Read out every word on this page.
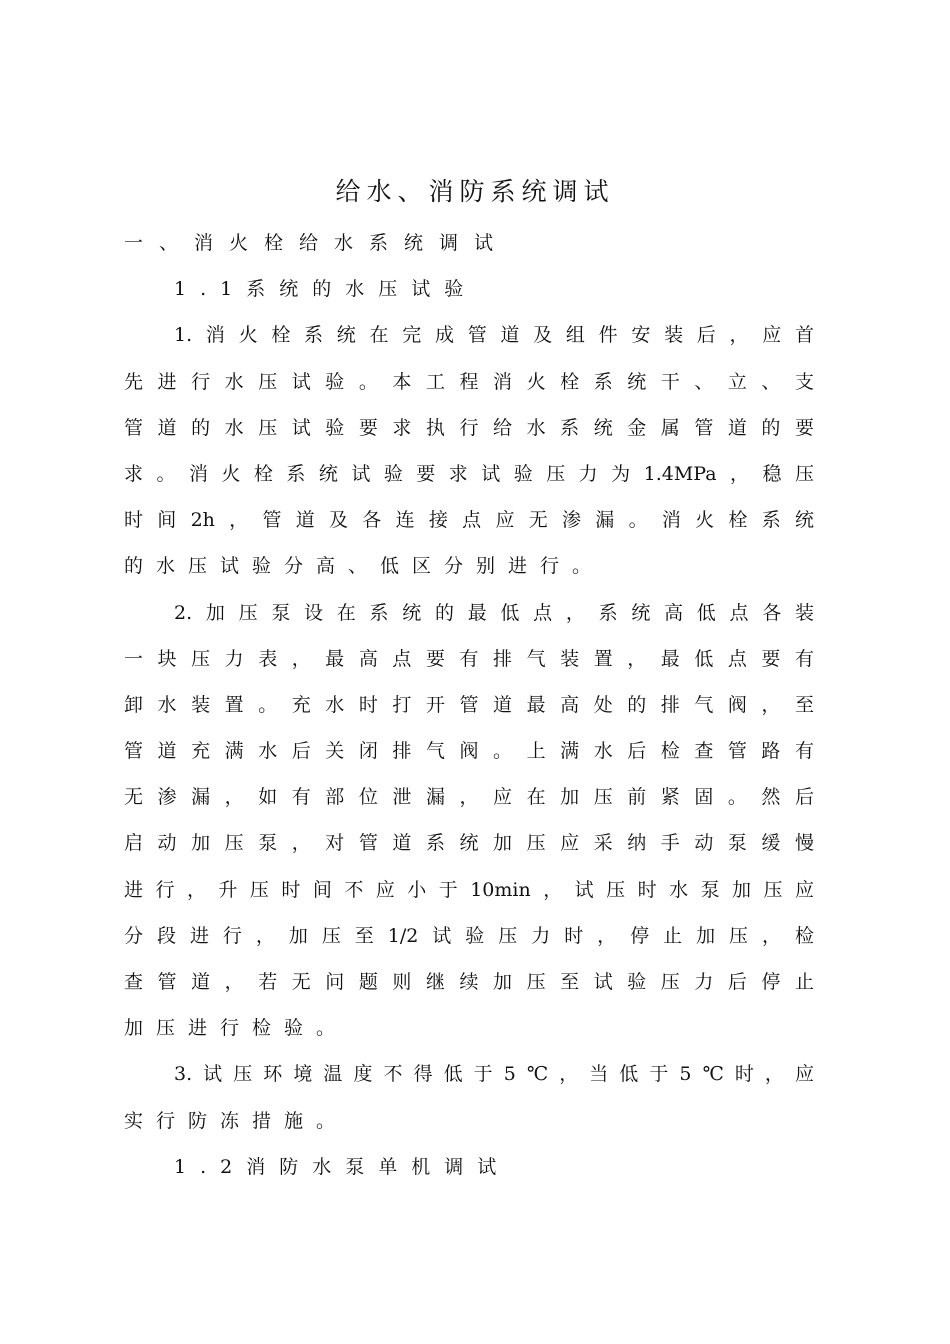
给水、消防系统调试
一、消火栓给水系统调试
1.1系统的水压试验
1.消火栓系统在完成管道及组件安装后，应首
先进行水压试验。本工程消火栓系统干、立、支
管道的水压试验要求执行给水系统金属管道的要
求。消火栓系统试验要求试验压力为1.4MPa，稳压
时间2h，管道及各连接点应无渗漏。消火栓系统
的水压试验分高、低区分别进行。
2.加压泵设在系统的最低点，系统高低点各装
一块压力表，最高点要有排气装置，最低点要有
卸水装置。充水时打开管道最高处的排气阀，至
管道充满水后关闭排气阀。上满水后检查管路有
无渗漏，如有部位泄漏，应在加压前紧固。然后
启动加压泵，对管道系统加压应采纳手动泵缓慢
进行，升压时间不应小于10min，试压时水泵加压应
分段进行，加压至1/2试验压力时，停止加压，检
查管道，若无问题则继续加压至试验压力后停止
加压进行检验。
3.试压环境温度不得低于5℃，当低于5℃时，应
实行防冻措施。
1.2消防水泵单机调试
